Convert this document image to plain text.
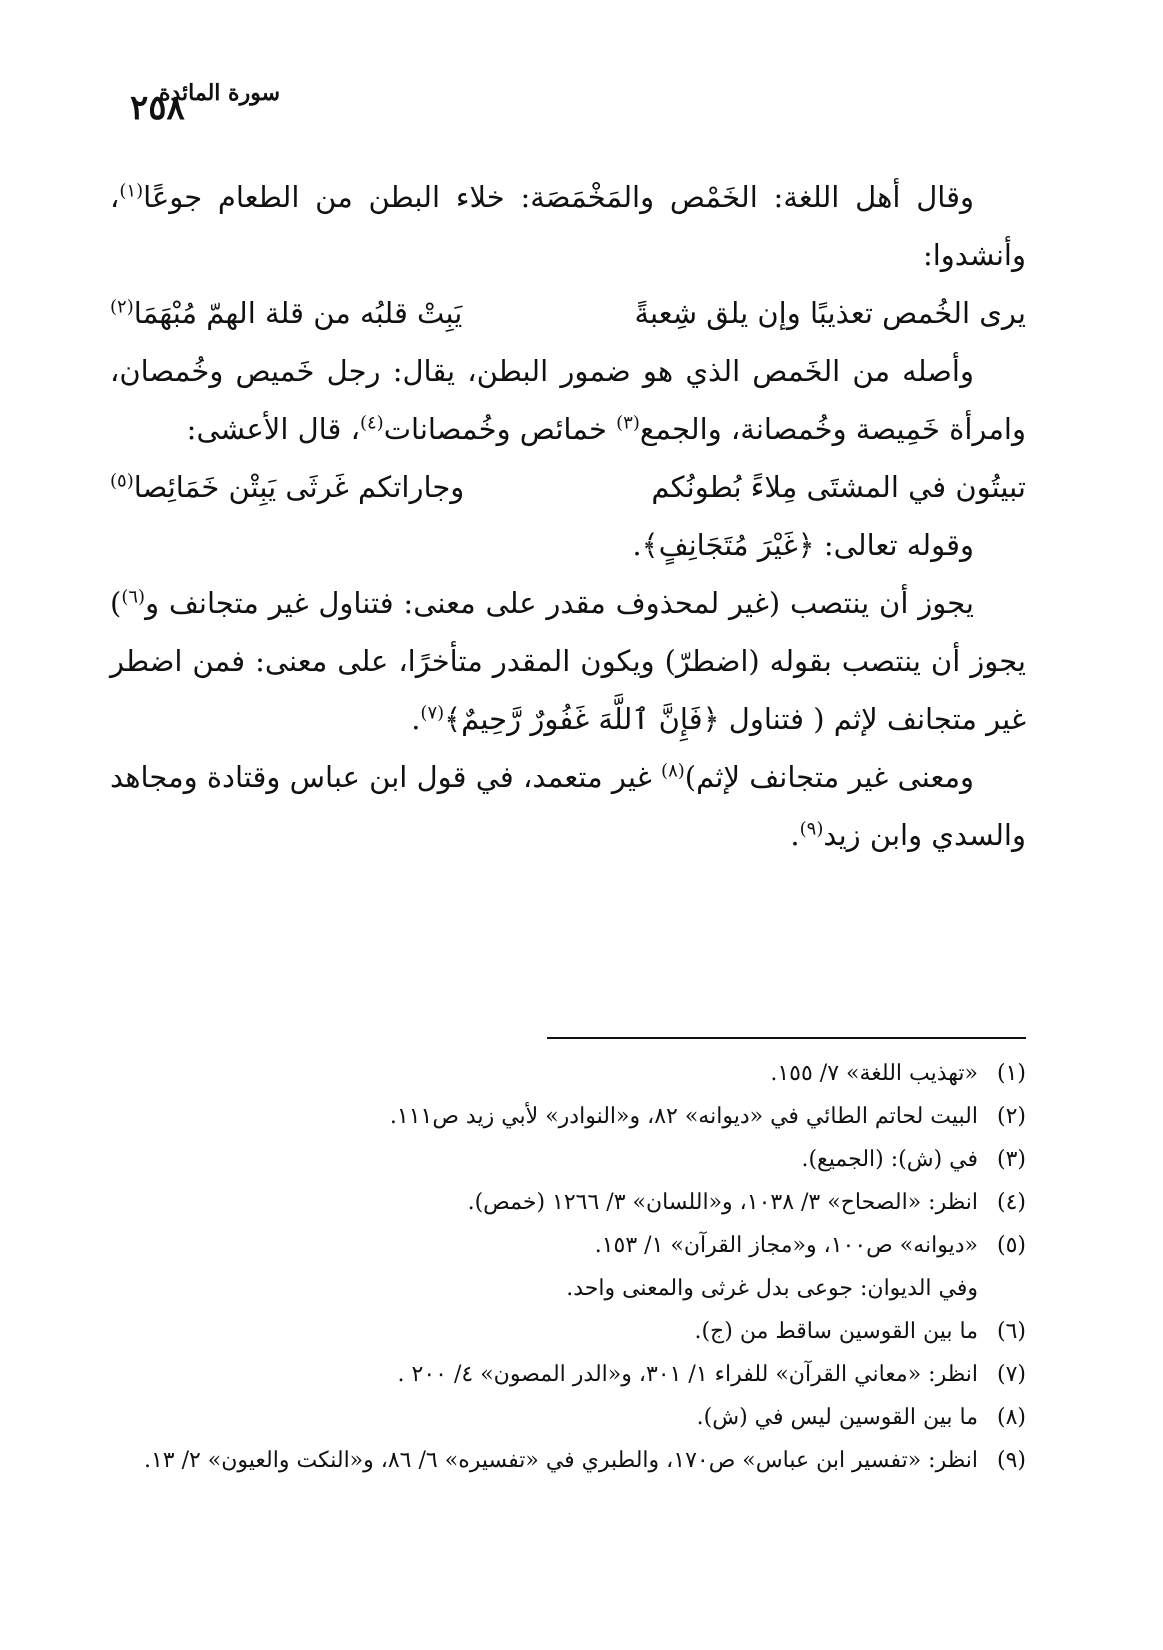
سورة المائدة
٢٥٨

وقال أهل اللغة: الخَمْص والمَخْمَصَة: خلاء البطن من الطعام جوعًا$^{(١)}$، وأنشدوا:

يرى الخُمص تعذيبًا وإن يلق شِعبةً
يَبِتْ قلبُه من قلة الهمّ مُبْهَمَا$^{(٢)}$

وأصله من الخَمص الذي هو ضمور البطن، يقال: رجل خَميص وخُمصان، وامرأة خَمِيصة وخُمصانة، والجمع$^{(٣)}$ خمائص وخُمصانات$^{(٤)}$، قال الأعشى:

تبيتُون في المشتَى مِلاءً بُطونُكم
وجاراتكم غَرثَى يَبِتْن خَمَائِصا$^{(٥)}$

وقوله تعالى: ﴿غَيْرَ مُتَجَانِفٍ﴾.

يجوز أن ينتصب (غير لمحذوف مقدر على معنى: فتناول غير متجانف و$^{(٦)}$) يجوز أن ينتصب بقوله (اضطرّ) ويكون المقدر متأخرًا، على معنى: فمن اضطر غير متجانف لإثم ( فتناول ﴿فَإِنَّ ٱللَّهَ غَفُورٌ رَّحِيمٌ﴾$^{(٧)}$.

ومعنى غير متجانف لإثم)$^{(٨)}$ غير متعمد، في قول ابن عباس وقتادة ومجاهد والسدي وابن زيد$^{(٩)}$.

(١)
«تهذيب اللغة» ٧/ ١٥٥.
(٢)
البيت لحاتم الطائي في «ديوانه» ٨٢، و«النوادر» لأبي زيد ص١١١.
(٣)
في (ش): (الجميع).
(٤)
انظر: «الصحاح» ٣/ ١٠٣٨، و«اللسان» ٣/ ١٢٦٦ (خمص).
(٥)
«ديوانه» ص١٠٠، و«مجاز القرآن» ١/ ١٥٣.
وفي الديوان: جوعى بدل غرثى والمعنى واحد.
(٦)
ما بين القوسين ساقط من (ج).
(٧)
انظر: «معاني القرآن» للفراء ١/ ٣٠١، و«الدر المصون» ٤/ ٢٠٠ .
(٨)
ما بين القوسين ليس في (ش).
(٩)
انظر: «تفسير ابن عباس» ص١٧٠، والطبري في «تفسيره» ٦/ ٨٦، و«النكت والعيون» ٢/ ١٣.
